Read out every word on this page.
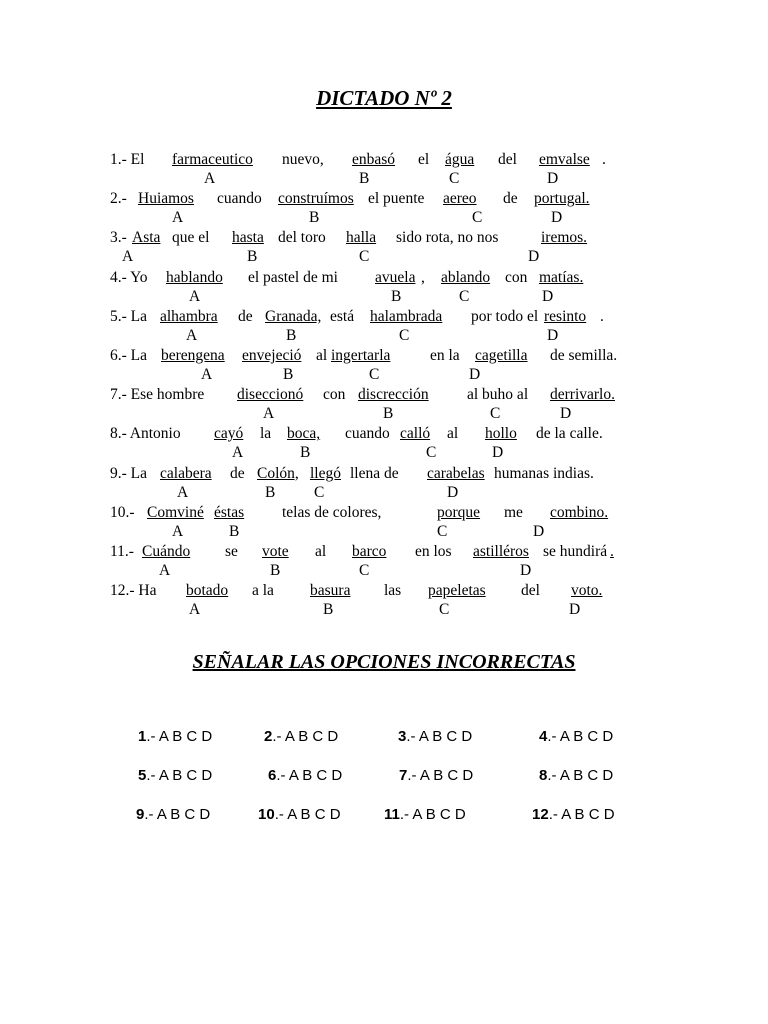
DICTADO Nº 2
1.- El farmaceutico nuevo, enbasó el água del emvalse .
A	B	C	D
2.- Huiamos cuando construímos el puente aereo de portugal.
A	B	C	D
3.- Asta que el hasta del toro halla sido rota, no nos	iremos.
A	B	C	D
4.- Yo hablando el pastel de mi avuela , ablando con matías.
A	B	C	D
5.- La alhambra de Granada, está halambrada por todo el resinto .
A	B	C	D
6.- La berengena envejeció al ingertarla	en la cagetilla de semilla.
A	B	C	D
7.- Ese hombre diseccionó con discrección al buho al derrivarlo.
A	B	C	D
8.- Antonio cayó la boca, cuando calló al hollo de la calle.
A	B	C	D
9.- La calabera de Colón, llegó llena de carabelas humanas indias.
A	B C	D
10.- Comviné éstas telas de colores,	porque me combino.
A	B	C	D
11.- Cuándo se vote al barco en los astilléros se hundirá .
A	B	C	D
12.- Ha botado a la basura las papeletas del voto.
A	B	C	D
SEÑALAR LAS OPCIONES INCORRECTAS
1.- A B C D	2.- A B C D	3.- A B C D	4.- A B C D
5.- A B C D	6.- A B C D	7.- A B C D	8.- A B C D
9.- A B C D	10.- A B C D	11.- A B C D	12.- A B C D
